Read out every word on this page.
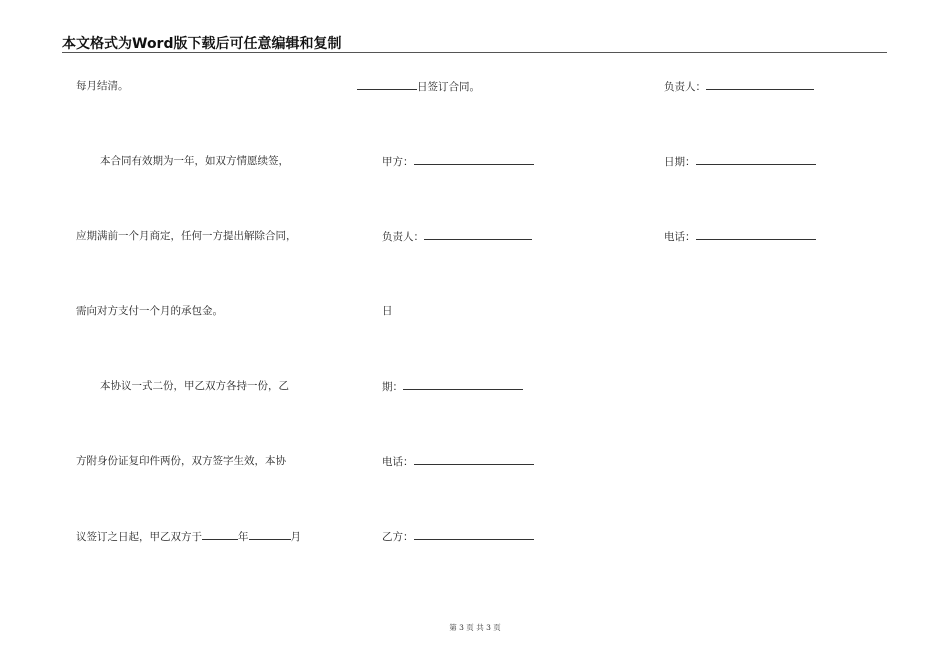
本文格式为Word版下载后可任意编辑和复制
每月结清。
本合同有效期为一年，如双方情愿续签，
应期满前一个月商定，任何一方提出解除合同，
需向对方支付一个月的承包金。
本协议一式二份，甲乙双方各持一份，乙
方附身份证复印件两份，双方签字生效，本协
议签订之日起，甲乙双方于	年	月
日签订合同。
甲方：
负责人：
日
期：
电话：
乙方：
负责人：
日期：
电话：
第 3 页 共 3 页
